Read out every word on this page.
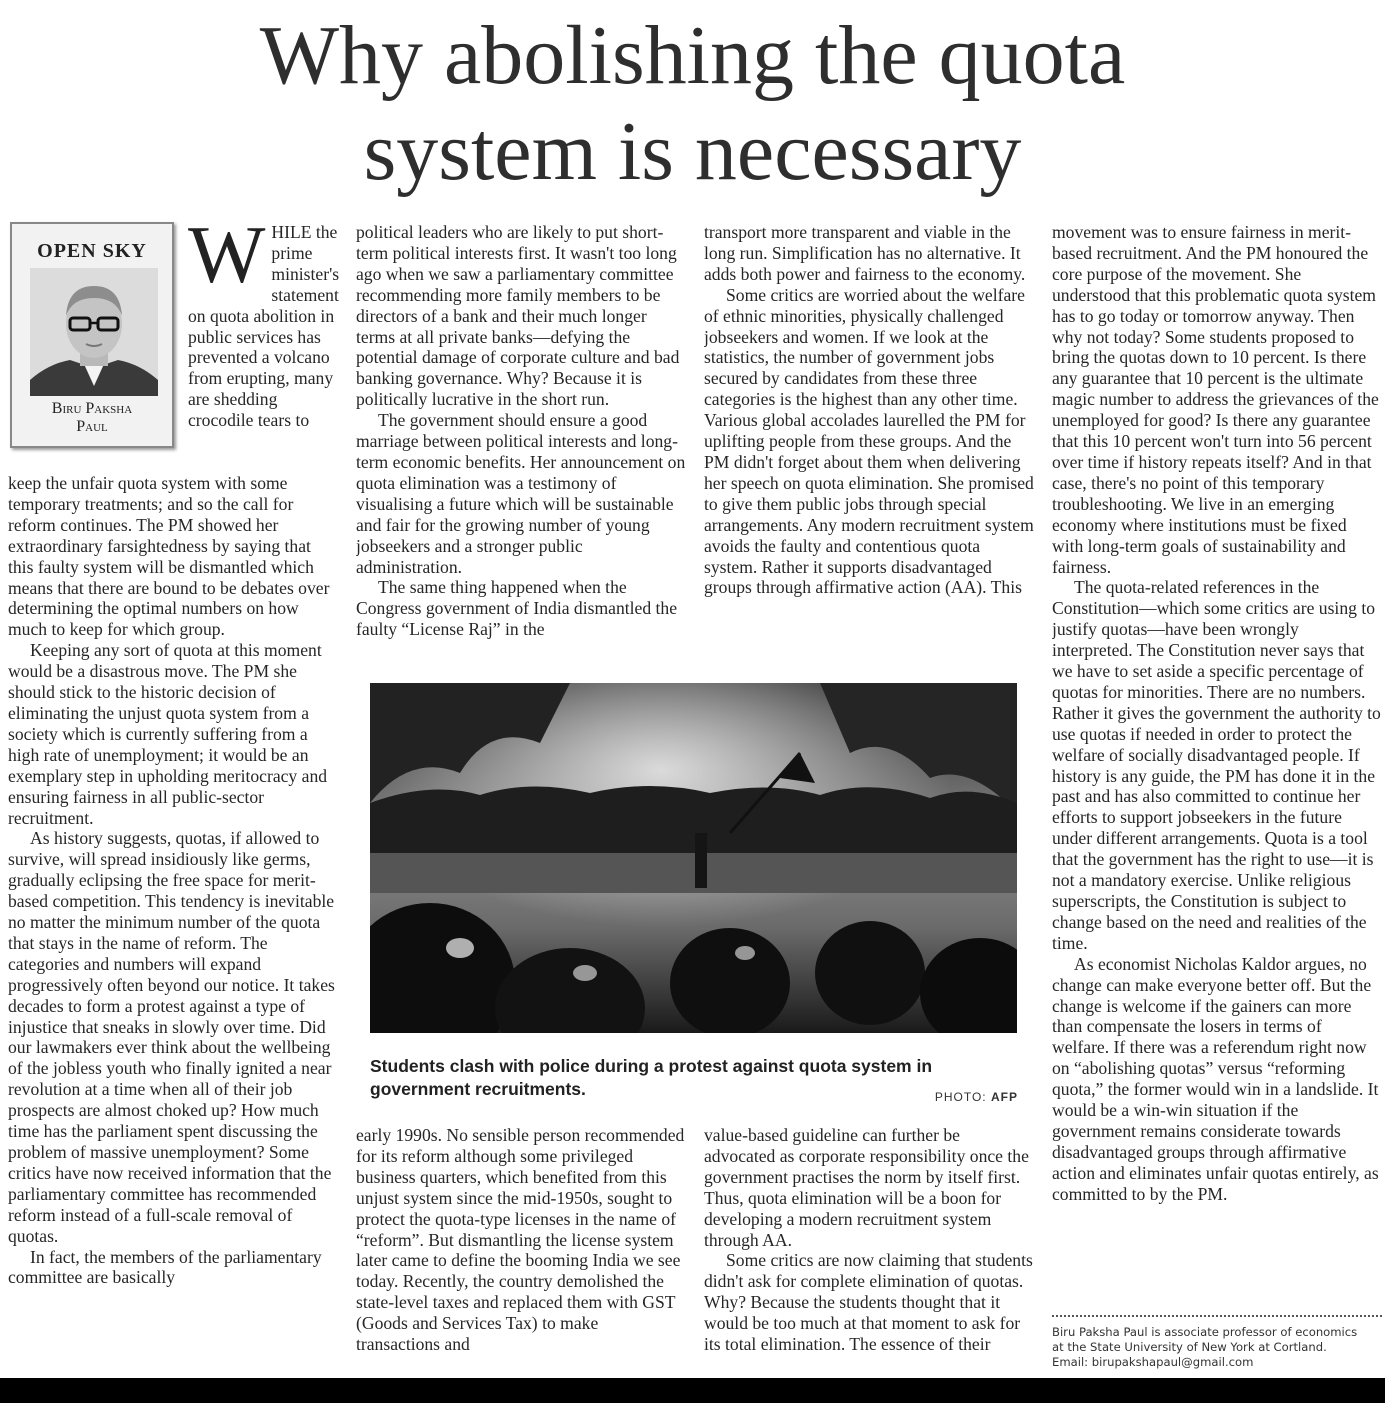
Why abolishing the quota
system is necessary
OPEN SKY
Biru Paksha
Paul
W HILE the prime minister's statement on quota abolition in public services has prevented a volcano from erupting, many are shedding crocodile tears to

keep the unfair quota system with some temporary treatments; and so the call for reform continues. The PM showed her extraordinary farsightedness by saying that this faulty system will be dismantled which means that there are bound to be debates over determining the optimal numbers on how much to keep for which group.

Keeping any sort of quota at this moment would be a disastrous move. The PM she should stick to the historic decision of eliminating the unjust quota system from a society which is currently suffering from a high rate of unemployment; it would be an exemplary step in upholding meritocracy and ensuring fairness in all public-sector recruitment.

As history suggests, quotas, if allowed to survive, will spread insidiously like germs, gradually eclipsing the free space for merit-based competition. This tendency is inevitable no matter the minimum number of the quota that stays in the name of reform. The categories and numbers will expand progressively often beyond our notice. It takes decades to form a protest against a type of injustice that sneaks in slowly over time. Did our lawmakers ever think about the wellbeing of the jobless youth who finally ignited a near revolution at a time when all of their job prospects are almost choked up? How much time has the parliament spent discussing the problem of massive unemployment? Some critics have now received information that the parliamentary committee has recommended reform instead of a full-scale removal of quotas.

In fact, the members of the parliamentary committee are basically

political leaders who are likely to put short-term political interests first. It wasn't too long ago when we saw a parliamentary committee recommending more family members to be directors of a bank and their much longer terms at all private banks—defying the potential damage of corporate culture and bad banking governance. Why? Because it is politically lucrative in the short run.

The government should ensure a good marriage between political interests and long-term economic benefits. Her announcement on quota elimination was a testimony of visualising a future which will be sustainable and fair for the growing number of young jobseekers and a stronger public administration.

The same thing happened when the Congress government of India dismantled the faulty “License Raj” in the

transport more transparent and viable in the long run. Simplification has no alternative. It adds both power and fairness to the economy.

Some critics are worried about the welfare of ethnic minorities, physically challenged jobseekers and women. If we look at the statistics, the number of government jobs secured by candidates from these three categories is the highest than any other time. Various global accolades laurelled the PM for uplifting people from these groups. And the PM didn't forget about them when delivering her speech on quota elimination. She promised to give them public jobs through special arrangements. Any modern recruitment system avoids the faulty and contentious quota system. Rather it supports disadvantaged groups through affirmative action (AA). This

Students clash with police during a protest against quota system in government recruitments.	PHOTO: AFP

early 1990s. No sensible person recommended for its reform although some privileged business quarters, which benefited from this unjust system since the mid-1950s, sought to protect the quota-type licenses in the name of “reform”. But dismantling the license system later came to define the booming India we see today. Recently, the country demolished the state-level taxes and replaced them with GST (Goods and Services Tax) to make transactions and

value-based guideline can further be advocated as corporate responsibility once the government practises the norm by itself first. Thus, quota elimination will be a boon for developing a modern recruitment system through AA.

Some critics are now claiming that students didn't ask for complete elimination of quotas. Why? Because the students thought that it would be too much at that moment to ask for its total elimination. The essence of their

movement was to ensure fairness in merit-based recruitment. And the PM honoured the core purpose of the movement. She understood that this problematic quota system has to go today or tomorrow anyway. Then why not today? Some students proposed to bring the quotas down to 10 percent. Is there any guarantee that 10 percent is the ultimate magic number to address the grievances of the unemployed for good? Is there any guarantee that this 10 percent won't turn into 56 percent over time if history repeats itself? And in that case, there's no point of this temporary troubleshooting. We live in an emerging economy where institutions must be fixed with long-term goals of sustainability and fairness.

The quota-related references in the Constitution—which some critics are using to justify quotas—have been wrongly interpreted. The Constitution never says that we have to set aside a specific percentage of quotas for minorities. There are no numbers. Rather it gives the government the authority to use quotas if needed in order to protect the welfare of socially disadvantaged people. If history is any guide, the PM has done it in the past and has also committed to continue her efforts to support jobseekers in the future under different arrangements. Quota is a tool that the government has the right to use—it is not a mandatory exercise. Unlike religious superscripts, the Constitution is subject to change based on the need and realities of the time.

As economist Nicholas Kaldor argues, no change can make everyone better off. But the change is welcome if the gainers can more than compensate the losers in terms of welfare. If there was a referendum right now on “abolishing quotas” versus “reforming quota,” the former would win in a landslide. It would be a win-win situation if the government remains considerate towards disadvantaged groups through affirmative action and eliminates unfair quotas entirely, as committed to by the PM.

Biru Paksha Paul is associate professor of economics
at the State University of New York at Cortland.
Email: birupakshapaul@gmail.com
